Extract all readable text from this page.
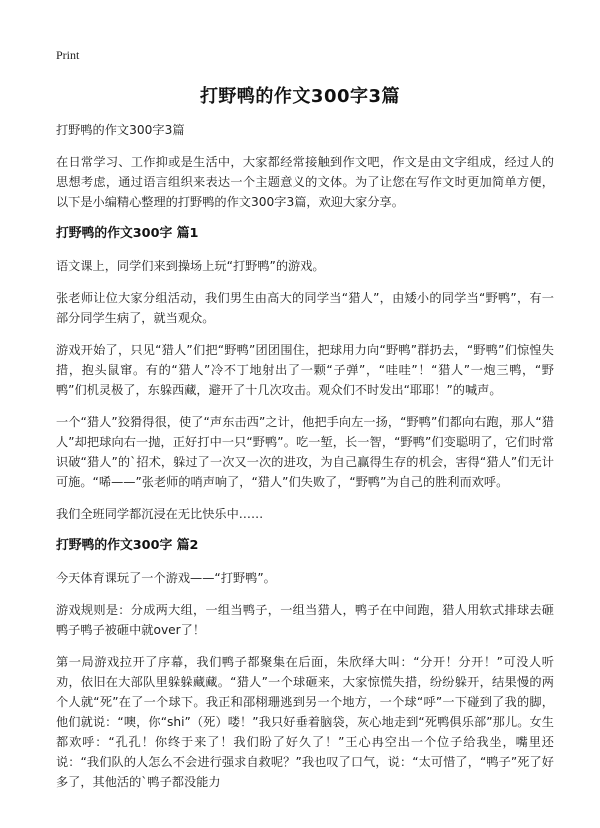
Print
打野鸭的作文300字3篇

打野鸭的作文300字3篇

在日常学习、工作抑或是生活中，大家都经常接触到作文吧，作文是由文字组成，经过人的思想考虑，通过语言组织来表达一个主题意义的文体。为了让您在写作文时更加简单方便，以下是小编精心整理的打野鸭的作文300字3篇，欢迎大家分享。

打野鸭的作文300字 篇1

语文课上，同学们来到操场上玩“打野鸭”的游戏。

张老师让位大家分组活动，我们男生由高大的同学当“猎人”，由矮小的同学当“野鸭”，有一部分同学生病了，就当观众。

游戏开始了，只见“猎人”们把“野鸭”团团围住，把球用力向“野鸭”群扔去，“野鸭”们惊惶失措，抱头鼠窜。有的“猎人”冷不丁地射出了一颗“子弹”，“哇哇”！“猎人”一炮三鸭，“野鸭”们机灵极了，东躲西藏，避开了十几次攻击。观众们不时发出“耶耶！”的喊声。

一个“猎人”狡猾得很，使了“声东击西”之计，他把手向左一扬，“野鸭”们都向右跑，那人“猎人”却把球向右一抛，正好打中一只“野鸭”。吃一堑，长一智，“野鸭”们变聪明了，它们时常识破“猎人”的`招术，躲过了一次又一次的进攻，为自己赢得生存的机会，害得“猎人”们无计可施。“唏——”张老师的哨声响了，“猎人”们失败了，“野鸭”为自己的胜利而欢呼。

我们全班同学都沉浸在无比快乐中……

打野鸭的作文300字 篇2

今天体育课玩了一个游戏——“打野鸭”。

游戏规则是：分成两大组，一组当鸭子，一组当猎人，鸭子在中间跑，猎人用软式排球去砸鸭子鸭子被砸中就over了！

第一局游戏拉开了序幕，我们鸭子都聚集在后面，朱欣绎大叫：“分开！分开！”可没人听劝，依旧在大部队里躲躲藏藏。“猎人”一个球砸来，大家惊慌失措，纷纷躲开，结果慢的两个人就“死”在了一个球下。我正和邵栩珊逃到另一个地方，一个球“呼”一下碰到了我的脚，他们就说：“噢，你“shi”（死）喽！”我只好垂着脑袋，灰心地走到“死鸭俱乐部”那儿。女生都欢呼：“孔孔！你终于来了！我们盼了好久了！”王心冉空出一个位子给我坐，嘴里还说：“我们队的人怎么不会进行强求自救呢？”我也叹了口气，说：“太可惜了，“鸭子”死了好多了，其他活的`鸭子都没能力
